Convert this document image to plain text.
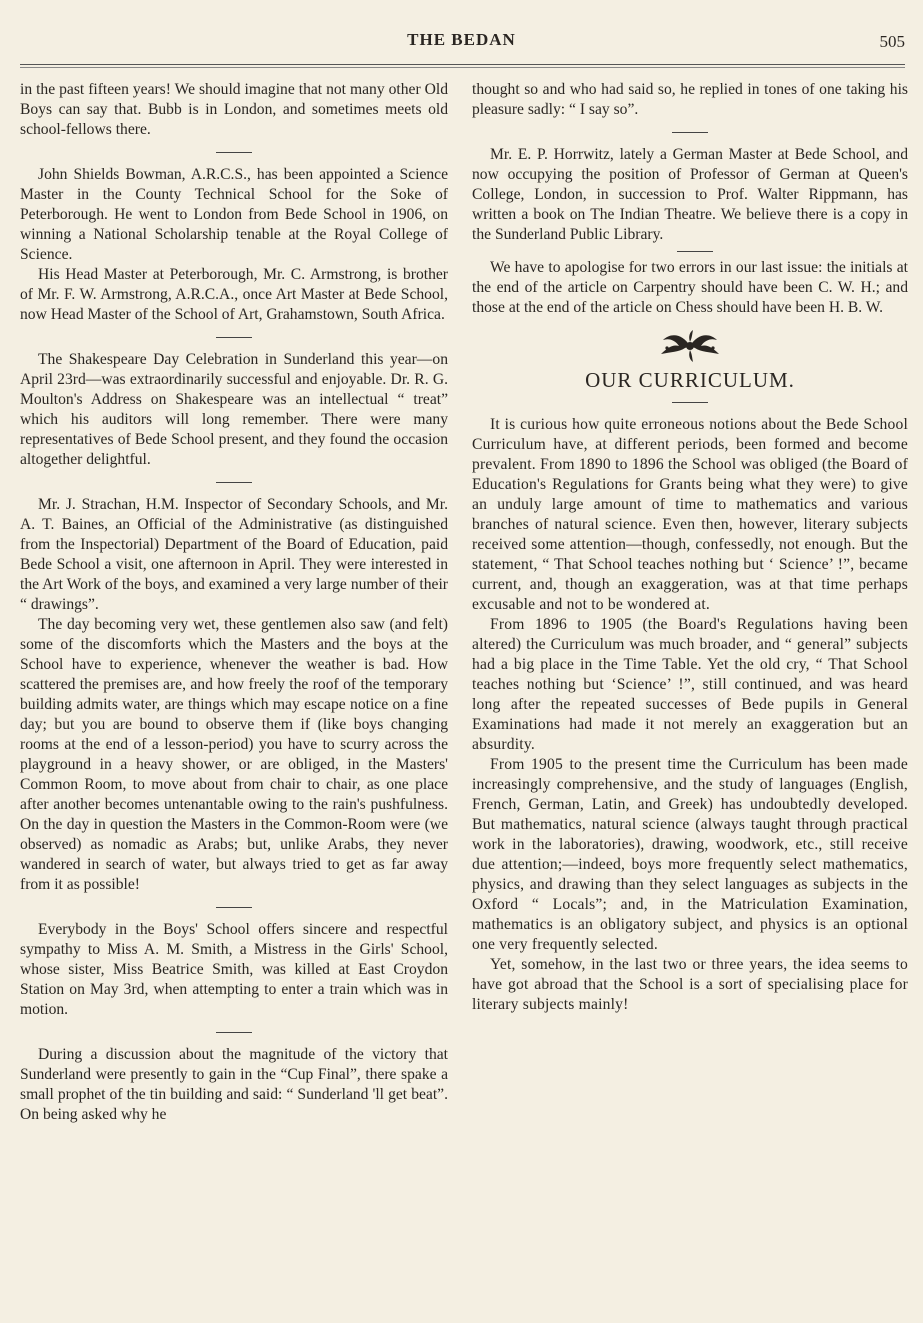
THE BEDAN	505

in the past fifteen years! We should imagine that not many other Old Boys can say that. Bubb is in London, and sometimes meets old school-fellows there.

John Shields Bowman, A.R.C.S., has been appointed a Science Master in the County Technical School for the Soke of Peterborough. He went to London from Bede School in 1906, on winning a National Scholarship tenable at the Royal College of Science.

His Head Master at Peterborough, Mr. C. Armstrong, is brother of Mr. F. W. Armstrong, A.R.C.A., once Art Master at Bede School, now Head Master of the School of Art, Grahamstown, South Africa.

The Shakespeare Day Celebration in Sunderland this year—on April 23rd—was extraordinarily successful and enjoyable. Dr. R. G. Moulton's Address on Shakespeare was an intellectual “ treat” which his auditors will long remember. There were many representatives of Bede School present, and they found the occasion altogether delightful.

Mr. J. Strachan, H.M. Inspector of Secondary Schools, and Mr. A. T. Baines, an Official of the Administrative (as distinguished from the Inspectorial) Department of the Board of Education, paid Bede School a visit, one afternoon in April. They were interested in the Art Work of the boys, and examined a very large number of their “ drawings”.

The day becoming very wet, these gentlemen also saw (and felt) some of the discomforts which the Masters and the boys at the School have to experience, whenever the weather is bad. How scattered the premises are, and how freely the roof of the temporary building admits water, are things which may escape notice on a fine day; but you are bound to observe them if (like boys changing rooms at the end of a lesson-period) you have to scurry across the playground in a heavy shower, or are obliged, in the Masters' Common Room, to move about from chair to chair, as one place after another becomes untenantable owing to the rain's pushfulness. On the day in question the Masters in the Common-Room were (we observed) as nomadic as Arabs; but, unlike Arabs, they never wandered in search of water, but always tried to get as far away from it as possible!

Everybody in the Boys' School offers sincere and respectful sympathy to Miss A. M. Smith, a Mistress in the Girls' School, whose sister, Miss Beatrice Smith, was killed at East Croydon Station on May 3rd, when attempting to enter a train which was in motion.

During a discussion about the magnitude of the victory that Sunderland were presently to gain in the “Cup Final”, there spake a small prophet of the tin building and said: “ Sunderland 'll get beat”. On being asked why he

thought so and who had said so, he replied in tones of one taking his pleasure sadly: “ I say so”.

Mr. E. P. Horrwitz, lately a German Master at Bede School, and now occupying the position of Professor of German at Queen's College, London, in succession to Prof. Walter Rippmann, has written a book on The Indian Theatre. We believe there is a copy in the Sunderland Public Library.

We have to apologise for two errors in our last issue: the initials at the end of the article on Carpentry should have been C. W. H.; and those at the end of the article on Chess should have been H. B. W.

OUR CURRICULUM.

It is curious how quite erroneous notions about the Bede School Curriculum have, at different periods, been formed and become prevalent. From 1890 to 1896 the School was obliged (the Board of Education's Regulations for Grants being what they were) to give an unduly large amount of time to mathematics and various branches of natural science. Even then, however, literary subjects received some attention—though, confessedly, not enough. But the statement, “ That School teaches nothing but ‘ Science’ !”, became current, and, though an exaggeration, was at that time perhaps excusable and not to be wondered at.

From 1896 to 1905 (the Board's Regulations having been altered) the Curriculum was much broader, and “ general” subjects had a big place in the Time Table. Yet the old cry, “ That School teaches nothing but ‘Science’ !”, still continued, and was heard long after the repeated successes of Bede pupils in General Examinations had made it not merely an exaggeration but an absurdity.

From 1905 to the present time the Curriculum has been made increasingly comprehensive, and the study of languages (English, French, German, Latin, and Greek) has undoubtedly developed. But mathematics, natural science (always taught through practical work in the laboratories), drawing, woodwork, etc., still receive due attention;—indeed, boys more frequently select mathematics, physics, and drawing than they select languages as subjects in the Oxford “ Locals”; and, in the Matriculation Examination, mathematics is an obligatory subject, and physics is an optional one very frequently selected.

Yet, somehow, in the last two or three years, the idea seems to have got abroad that the School is a sort of specialising place for literary subjects mainly!
